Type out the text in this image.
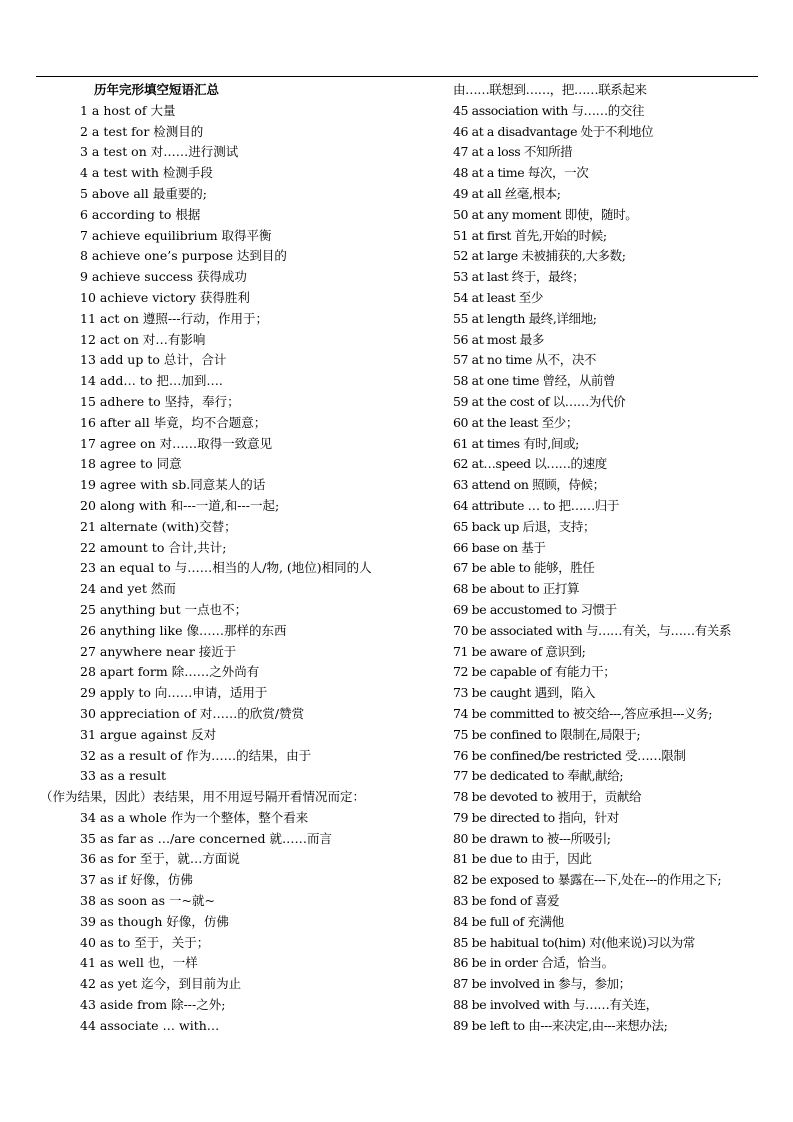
历年完形填空短语汇总
1 a host of 大量
2 a test for 检测目的
3 a test on 对……进行测试
4 a test with 检测手段
5 above all 最重要的;
6 according to 根据
7 achieve equilibrium 取得平衡
8 achieve one’s purpose 达到目的
9 achieve success 获得成功
10 achieve victory 获得胜利
11 act on 遵照---行动，作用于；
12 act on 对…有影响
13 add up to 总计，合计
14 add… to 把…加到….
15 adhere to 坚持，奉行；
16 after all 毕竟，均不合题意；
17 agree on 对……取得一致意见
18 agree to 同意
19 agree with sb.同意某人的话
20 along with 和---一道,和---一起;
21 alternate (with)交替；
22 amount to 合计,共计;
23 an equal to 与……相当的人/物, (地位)相同的人
24 and yet 然而
25 anything but 一点也不；
26 anything like 像……那样的东西
27 anywhere near 接近于
28 apart form 除……之外尚有
29 apply to 向……申请，适用于
30 appreciation of 对……的欣赏/赞赏
31 argue against 反对
32 as a result of 作为……的结果，由于
33 as a result
（作为结果，因此）表结果，用不用逗号隔开看情况而定：
34 as a whole 作为一个整体，整个看来
35 as far as …/are concerned 就……而言
36 as for 至于，就…方面说
37 as if 好像，仿佛
38 as soon as 一~就~
39 as though 好像，仿佛
40 as to 至于，关于；
41 as well 也，一样
42 as yet 迄今，到目前为止
43 aside from 除---之外;
44 associate … with…
由……联想到……，把……联系起来
45 association with 与……的交往
46 at a disadvantage 处于不利地位
47 at a loss 不知所措
48 at a time 每次，一次
49 at all 丝毫,根本;
50 at any moment 即使，随时。
51 at first 首先,开始的时候;
52 at large 未被捕获的,大多数;
53 at last 终于，最终；
54 at least 至少
55 at length 最终,详细地;
56 at most 最多
57 at no time 从不，决不
58 at one time 曾经，从前曾
59 at the cost of 以……为代价
60 at the least 至少；
61 at times 有时,间或;
62 at…speed 以……的速度
63 attend on 照顾，侍候；
64 attribute … to 把……归于
65 back up 后退，支持；
66 base on 基于
67 be able to 能够，胜任
68 be about to 正打算
69 be accustomed to 习惯于
70 be associated with 与……有关，与……有关系
71 be aware of 意识到;
72 be capable of 有能力干；
73 be caught 遇到，陷入
74 be committed to 被交给---,答应承担---义务;
75 be confined to 限制在,局限于;
76 be confined/be restricted 受……限制
77 be dedicated to 奉献,献给;
78 be devoted to 被用于，贡献给
79 be directed to 指向，针对
80 be drawn to 被---所吸引;
81 be due to 由于，因此
82 be exposed to 暴露在---下,处在---的作用之下;
83 be fond of 喜爱
84 be full of 充满他
85 be habitual to(him) 对(他来说)习以为常
86 be in order 合适，恰当。
87 be involved in 参与，参加；
88 be involved with 与……有关连，
89 be left to 由---来决定,由---来想办法;
